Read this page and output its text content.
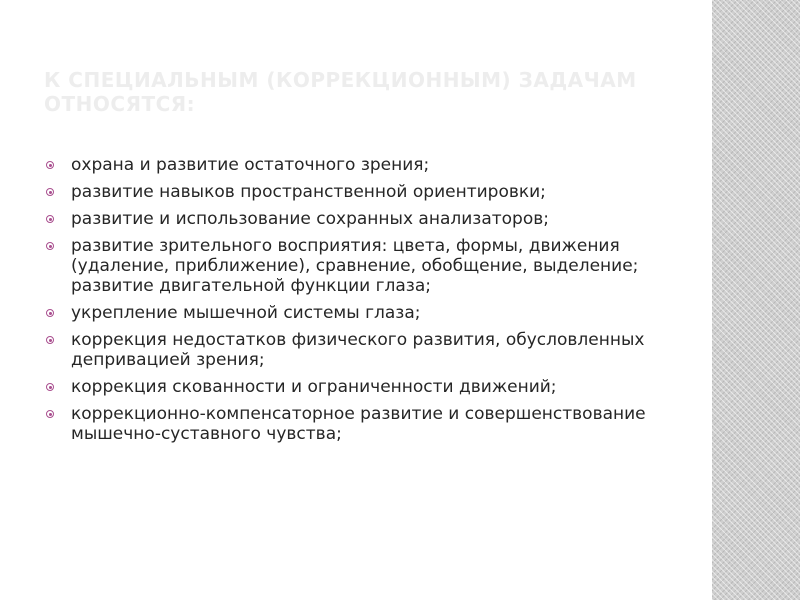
К СПЕЦИАЛЬНЫМ (КОРРЕКЦИОННЫМ) ЗАДАЧАМ ОТНОСЯТСЯ:
охрана и развитие остаточного зрения;
развитие навыков пространственной ориентировки;
развитие и использование сохранных анализаторов;
развитие зрительного восприятия: цвета, формы, движения (удаление, приближение), сравнение, обобщение, выделение; развитие двигательной функции глаза;
укрепление мышечной системы глаза;
коррекция недостатков физического развития, обусловленных депривацией зрения;
коррекция скованности и ограниченности движений;
коррекционно-компенсаторное развитие и совершенствование мышечно-суставного чувства;
